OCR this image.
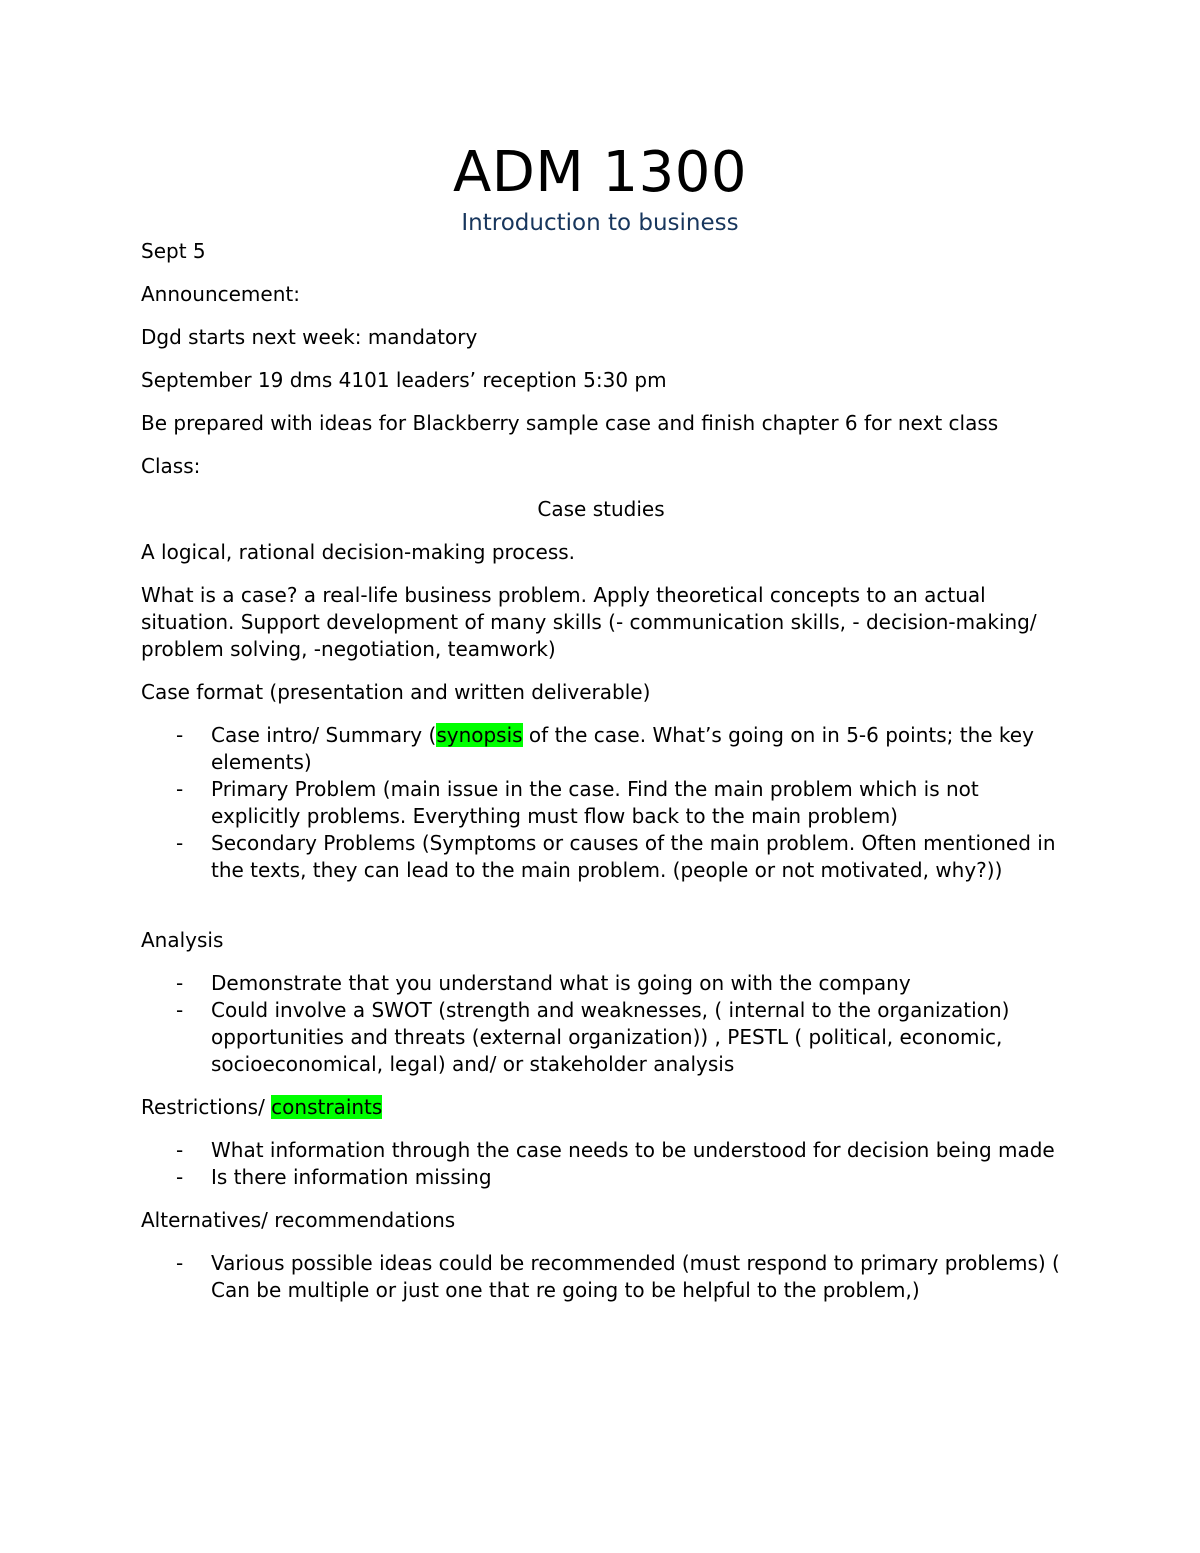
ADM 1300
Introduction to business

Sept 5

Announcement:

Dgd starts next week: mandatory

September 19 dms 4101 leaders’ reception 5:30 pm

Be prepared with ideas for Blackberry sample case and finish chapter 6 for next class

Class:

Case studies

A logical, rational decision-making process.

What is a case? a real-life business problem. Apply theoretical concepts to an actual situation. Support development of many skills (- communication skills, - decision-making/ problem solving, -negotiation, teamwork)

Case format (presentation and written deliverable)

- Case intro/ Summary (synopsis of the case. What’s going on in 5-6 points; the key elements)
- Primary Problem (main issue in the case. Find the main problem which is not explicitly problems. Everything must flow back to the main problem)
- Secondary Problems (Symptoms or causes of the main problem. Often mentioned in the texts, they can lead to the main problem. (people or not motivated, why?))

Analysis

- Demonstrate that you understand what is going on with the company
- Could involve a SWOT (strength and weaknesses, ( internal to the organization) opportunities and threats (external organization)) , PESTL ( political, economic, socioeconomical, legal) and/ or stakeholder analysis

Restrictions/ constraints

- What information through the case needs to be understood for decision being made
- Is there information missing

Alternatives/ recommendations

- Various possible ideas could be recommended (must respond to primary problems) ( Can be multiple or just one that re going to be helpful to the problem,)
